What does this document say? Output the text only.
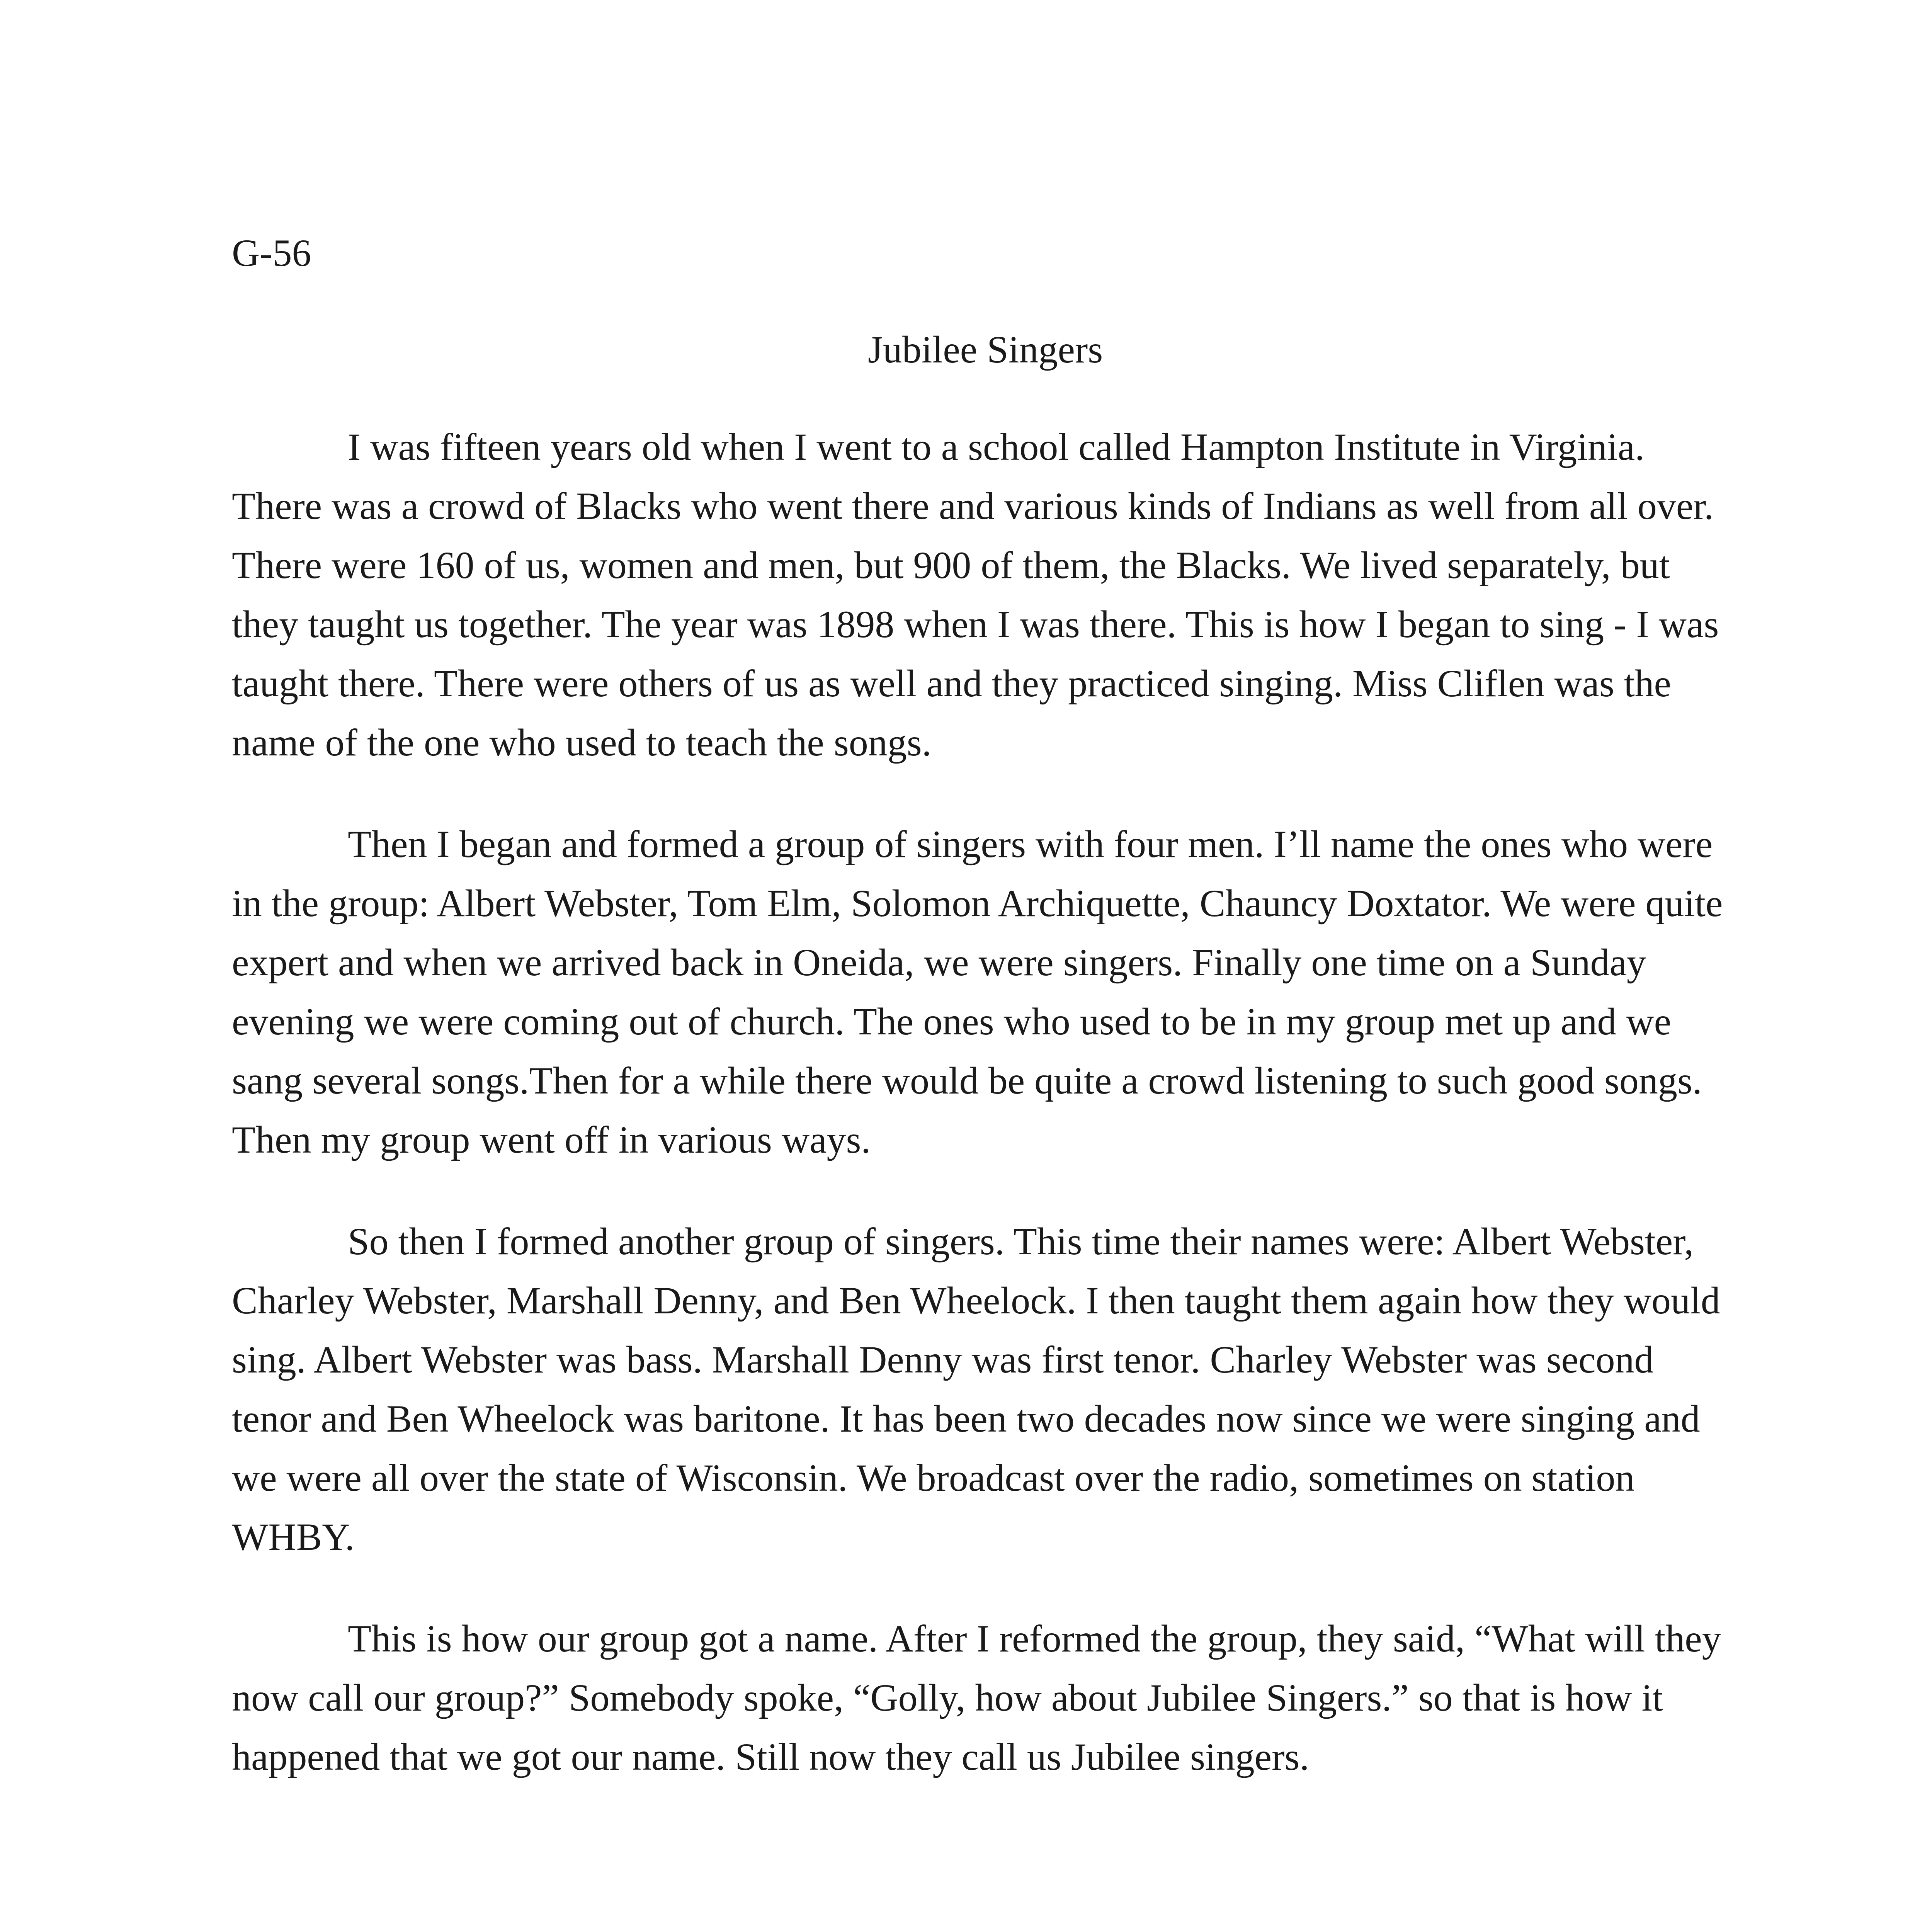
G-56

Jubilee Singers

I was fifteen years old when I went to a school called Hampton Institute in Virginia. There was a crowd of Blacks who went there and various kinds of Indians as well from all over. There were 160 of us, women and men, but 900 of them, the Blacks. We lived separately, but they taught us together. The year was 1898 when I was there. This is how I began to sing - I was taught there. There were others of us as well and they practiced singing. Miss Cliflen was the name of the one who used to teach the songs.

Then I began and formed a group of singers with four men. I’ll name the ones who were in the group: Albert Webster, Tom Elm, Solomon Archiquette, Chauncy Doxtator. We were quite expert and when we arrived back in Oneida, we were singers. Finally one time on a Sunday evening we were coming out of church. The ones who used to be in my group met up and we sang several songs.Then for a while there would be quite a crowd listening to such good songs. Then my group went off in various ways.

So then I formed another group of singers. This time their names were: Albert Webster, Charley Webster, Marshall Denny, and Ben Wheelock. I then taught them again how they would sing. Albert Webster was bass. Marshall Denny was first tenor. Charley Webster was second tenor and Ben Wheelock was baritone. It has been two decades now since we were singing and we were all over the state of Wisconsin. We broadcast over the radio, sometimes on station WHBY.

This is how our group got a name. After I reformed the group, they said, “What will they now call our group?” Somebody spoke, “Golly, how about Jubilee Singers.” so that is how it happened that we got our name. Still now they call us Jubilee singers.
